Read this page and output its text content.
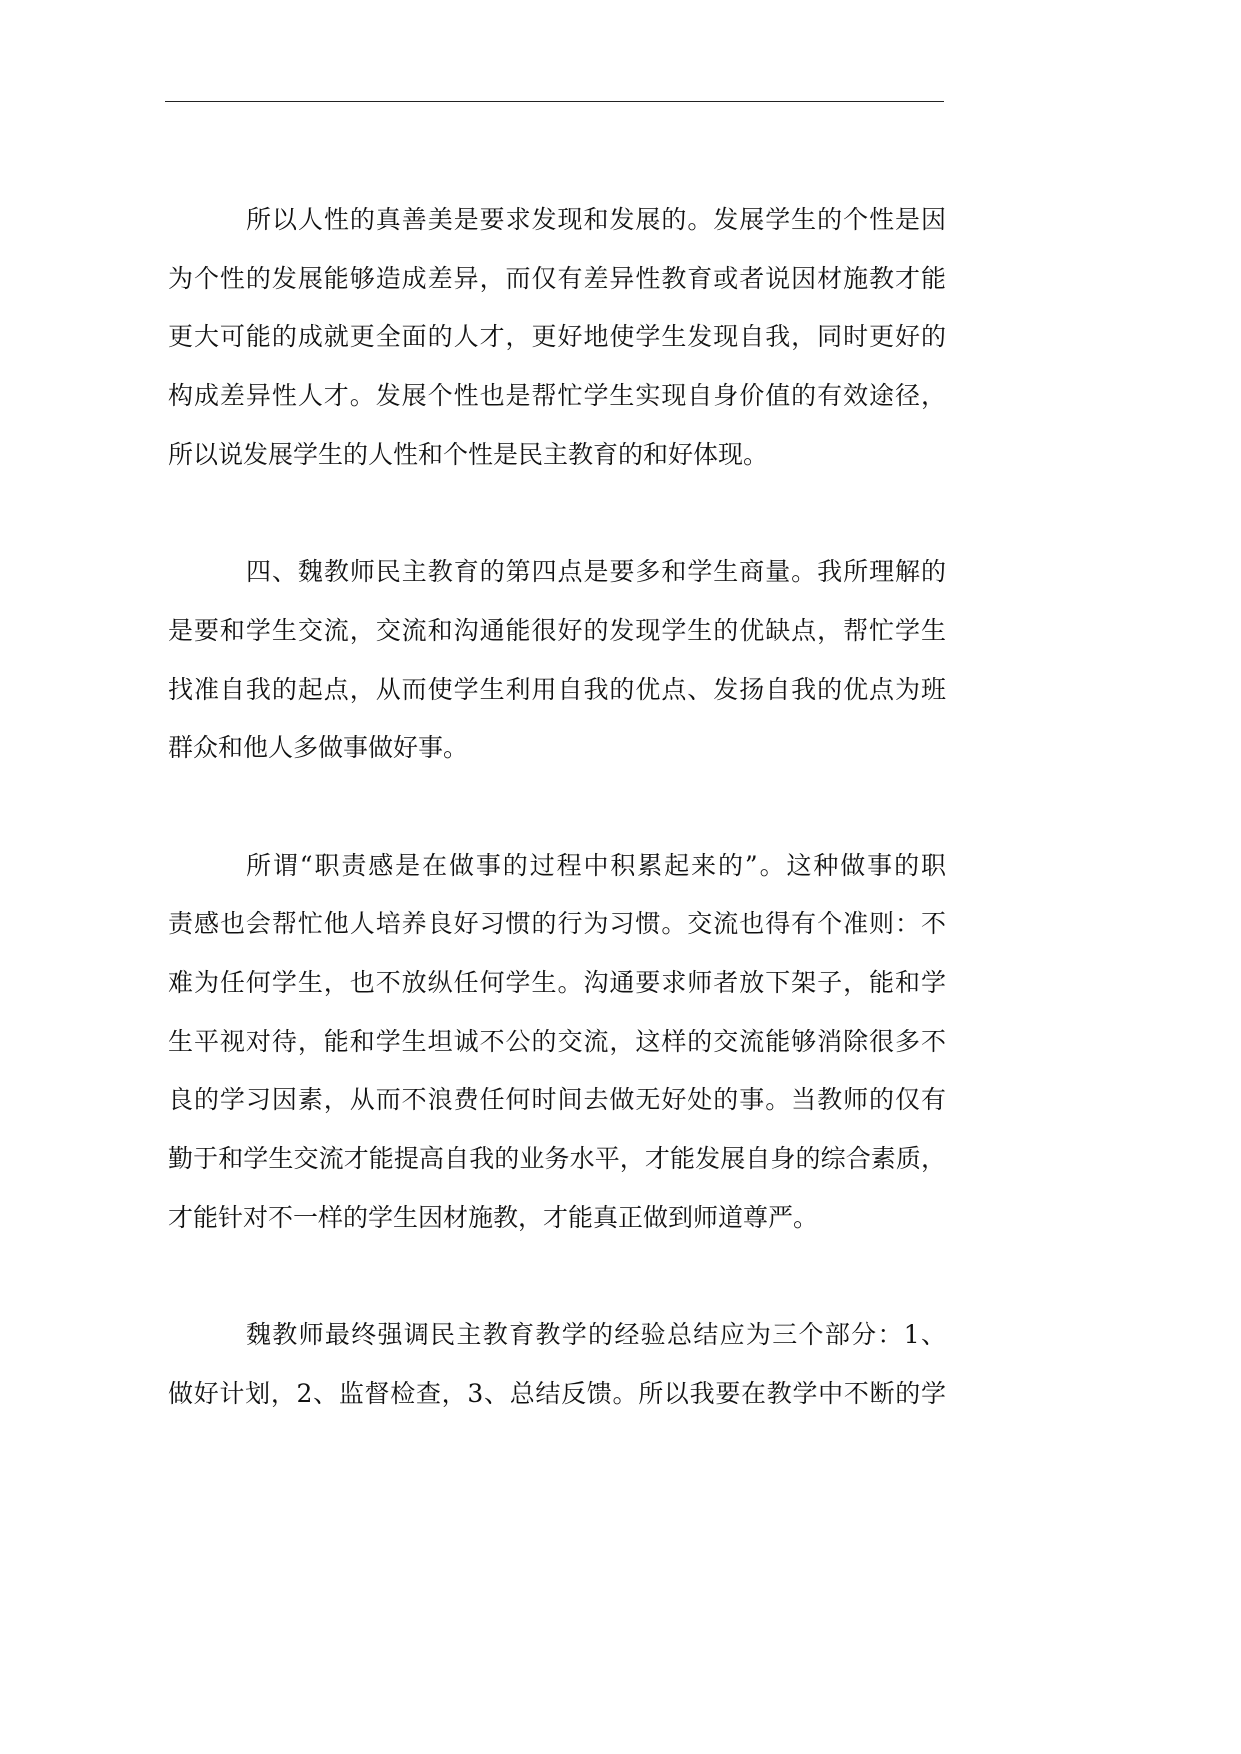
所以人性的真善美是要求发现和发展的。发展学生的个性是因
为个性的发展能够造成差异，而仅有差异性教育或者说因材施教才能
更大可能的成就更全面的人才，更好地使学生发现自我，同时更好的
构成差异性人才。发展个性也是帮忙学生实现自身价值的有效途径，
所以说发展学生的人性和个性是民主教育的和好体现。
四、魏教师民主教育的第四点是要多和学生商量。我所理解的
是要和学生交流，交流和沟通能很好的发现学生的优缺点，帮忙学生
找准自我的起点，从而使学生利用自我的优点、发扬自我的优点为班
群众和他人多做事做好事。
所谓“职责感是在做事的过程中积累起来的”。这种做事的职
责感也会帮忙他人培养良好习惯的行为习惯。交流也得有个准则：不
难为任何学生，也不放纵任何学生。沟通要求师者放下架子，能和学
生平视对待，能和学生坦诚不公的交流，这样的交流能够消除很多不
良的学习因素，从而不浪费任何时间去做无好处的事。当教师的仅有
勤于和学生交流才能提高自我的业务水平，才能发展自身的综合素质，
才能针对不一样的学生因材施教，才能真正做到师道尊严。
魏教师最终强调民主教育教学的经验总结应为三个部分：1、
做好计划，2、监督检查，3、总结反馈。所以我要在教学中不断的学
